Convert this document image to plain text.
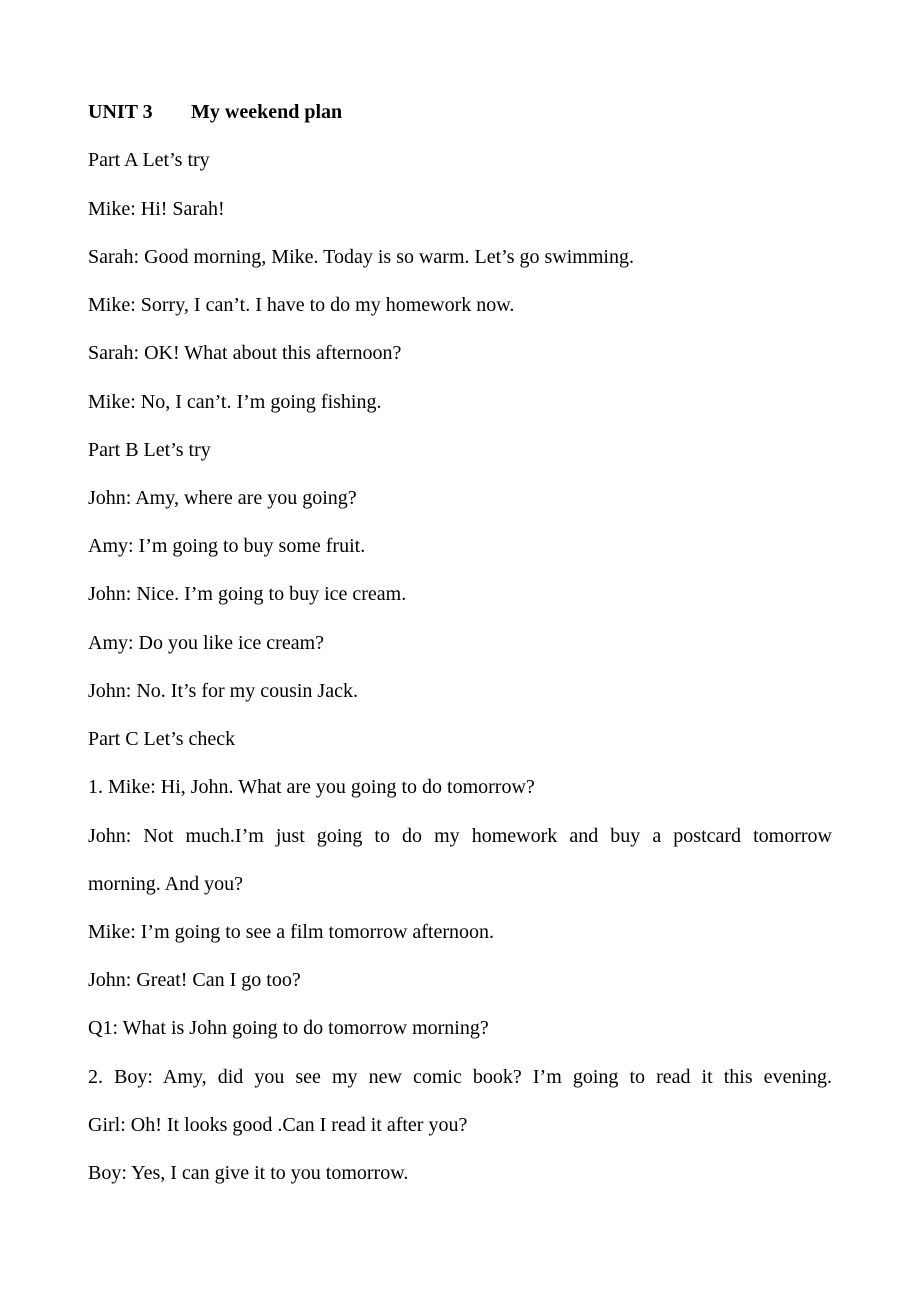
UNIT 3 My weekend plan
Part A Let’s try
Mike: Hi! Sarah!
Sarah: Good morning, Mike. Today is so warm. Let’s go swimming.
Mike: Sorry, I can’t. I have to do my homework now.
Sarah: OK! What about this afternoon?
Mike: No, I can’t. I’m going fishing.
Part B Let’s try
John: Amy, where are you going?
Amy: I’m going to buy some fruit.
John: Nice. I’m going to buy ice cream.
Amy: Do you like ice cream?
John: No. It’s for my cousin Jack.
Part C Let’s check
1. Mike: Hi, John. What are you going to do tomorrow?
John: Not much.I’m just going to do my homework and buy a postcard tomorrow
morning. And you?
Mike: I’m going to see a film tomorrow afternoon.
John: Great! Can I go too?
Q1: What is John going to do tomorrow morning?
2. Boy: Amy, did you see my new comic book? I’m going to read it this evening.
Girl: Oh! It looks good .Can I read it after you?
Boy: Yes, I can give it to you tomorrow.
